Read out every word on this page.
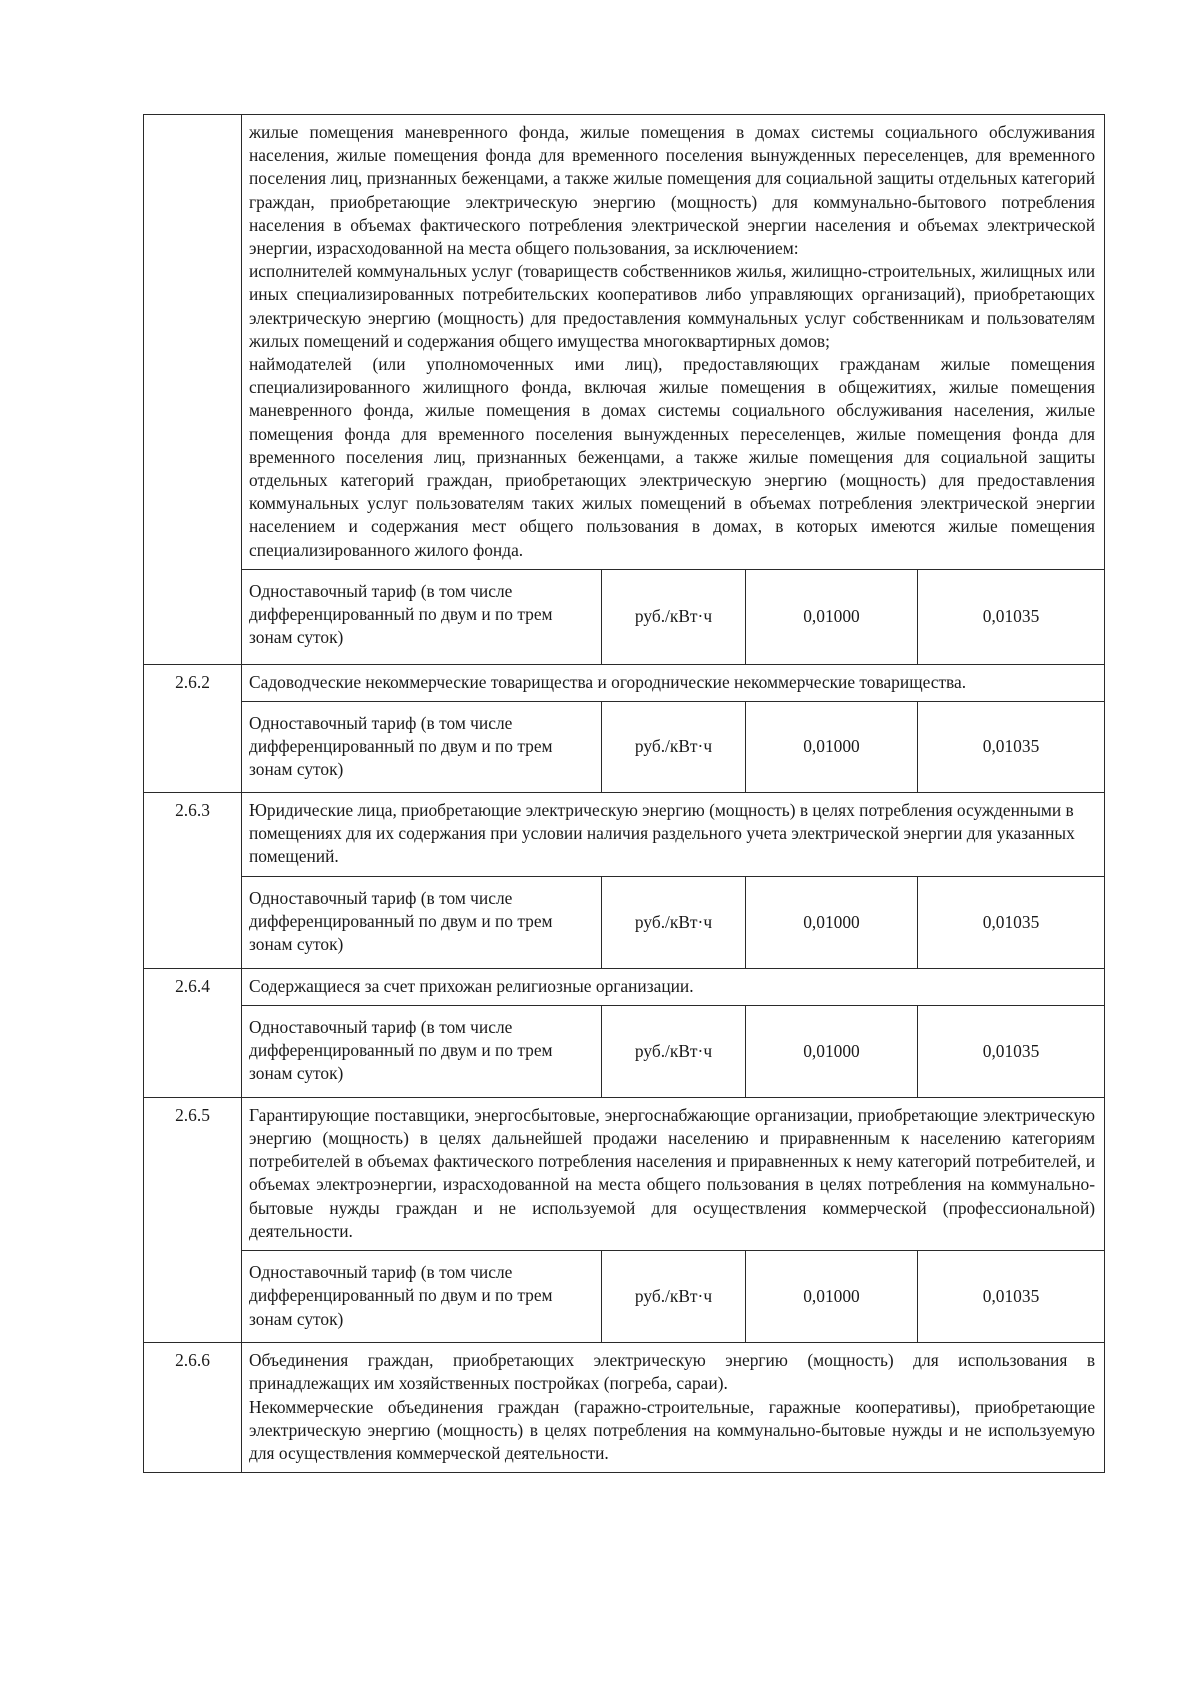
	жилые помещения маневренного фонда, жилые помещения в домах системы социального обслуживания населения, жилые помещения фонда для временного поселения вынужденных переселенцев, для временного поселения лиц, признанных беженцами, а также жилые помещения для социальной защиты отдельных категорий граждан, приобретающие электрическую энергию (мощность) для коммунально-бытового потребления населения в объемах фактического потребления электрической энергии населения и объемах электрической энергии, израсходованной на места общего пользования, за исключением:

исполнителей коммунальных услуг (товариществ собственников жилья, жилищно-строительных, жилищных или иных специализированных потребительских кооперативов либо управляющих организаций), приобретающих электрическую энергию (мощность) для предоставления коммунальных услуг собственникам и пользователям жилых помещений и содержания общего имущества многоквартирных домов;

наймодателей (или уполномоченных ими лиц), предоставляющих гражданам жилые помещения специализированного жилищного фонда, включая жилые помещения в общежитиях, жилые помещения маневренного фонда, жилые помещения в домах системы социального обслуживания населения, жилые помещения фонда для временного поселения вынужденных переселенцев, жилые помещения фонда для временного поселения лиц, признанных беженцами, а также жилые помещения для социальной защиты отдельных категорий граждан, приобретающих электрическую энергию (мощность) для предоставления коммунальных услуг пользователям таких жилых помещений в объемах потребления электрической энергии населением и содержания мест общего пользования в домах, в которых имеются жилые помещения специализированного жилого фонда.			

	Одноставочный тариф (в том числе дифференцированный по двум и по трем зонам суток)	руб./кВт·ч	0,01000	0,01035
2.6.2	Садоводческие некоммерческие товарищества и огороднические некоммерческие товарищества.			

	Одноставочный тариф (в том числе дифференцированный по двум и по трем зонам суток)	руб./кВт·ч	0,01000	0,01035
2.6.3	Юридические лица, приобретающие электрическую энергию (мощность) в целях потребления осужденными в помещениях для их содержания при условии наличия раздельного учета электрической энергии для указанных помещений.			

	Одноставочный тариф (в том числе дифференцированный по двум и по трем зонам суток)	руб./кВт·ч	0,01000	0,01035
2.6.4	Содержащиеся за счет прихожан религиозные организации.			

	Одноставочный тариф (в том числе дифференцированный по двум и по трем зонам суток)	руб./кВт·ч	0,01000	0,01035
2.6.5	Гарантирующие поставщики, энергосбытовые, энергоснабжающие организации, приобретающие электрическую энергию (мощность) в целях дальнейшей продажи населению и приравненным к населению категориям потребителей в объемах фактического потребления населения и приравненных к нему категорий потребителей, и объемах электроэнергии, израсходованной на места общего пользования в целях потребления на коммунально-бытовые нужды граждан и не используемой для осуществления коммерческой (профессиональной) деятельности.			

	Одноставочный тариф (в том числе дифференцированный по двум и по трем зонам суток)	руб./кВт·ч	0,01000	0,01035
2.6.6	Объединения граждан, приобретающих электрическую энергию (мощность) для использования в принадлежащих им хозяйственных постройках (погреба, сараи).

Некоммерческие объединения граждан (гаражно-строительные, гаражные кооперативы), приобретающие электрическую энергию (мощность) в целях потребления на коммунально-бытовые нужды и не используемую для осуществления коммерческой деятельности.			
